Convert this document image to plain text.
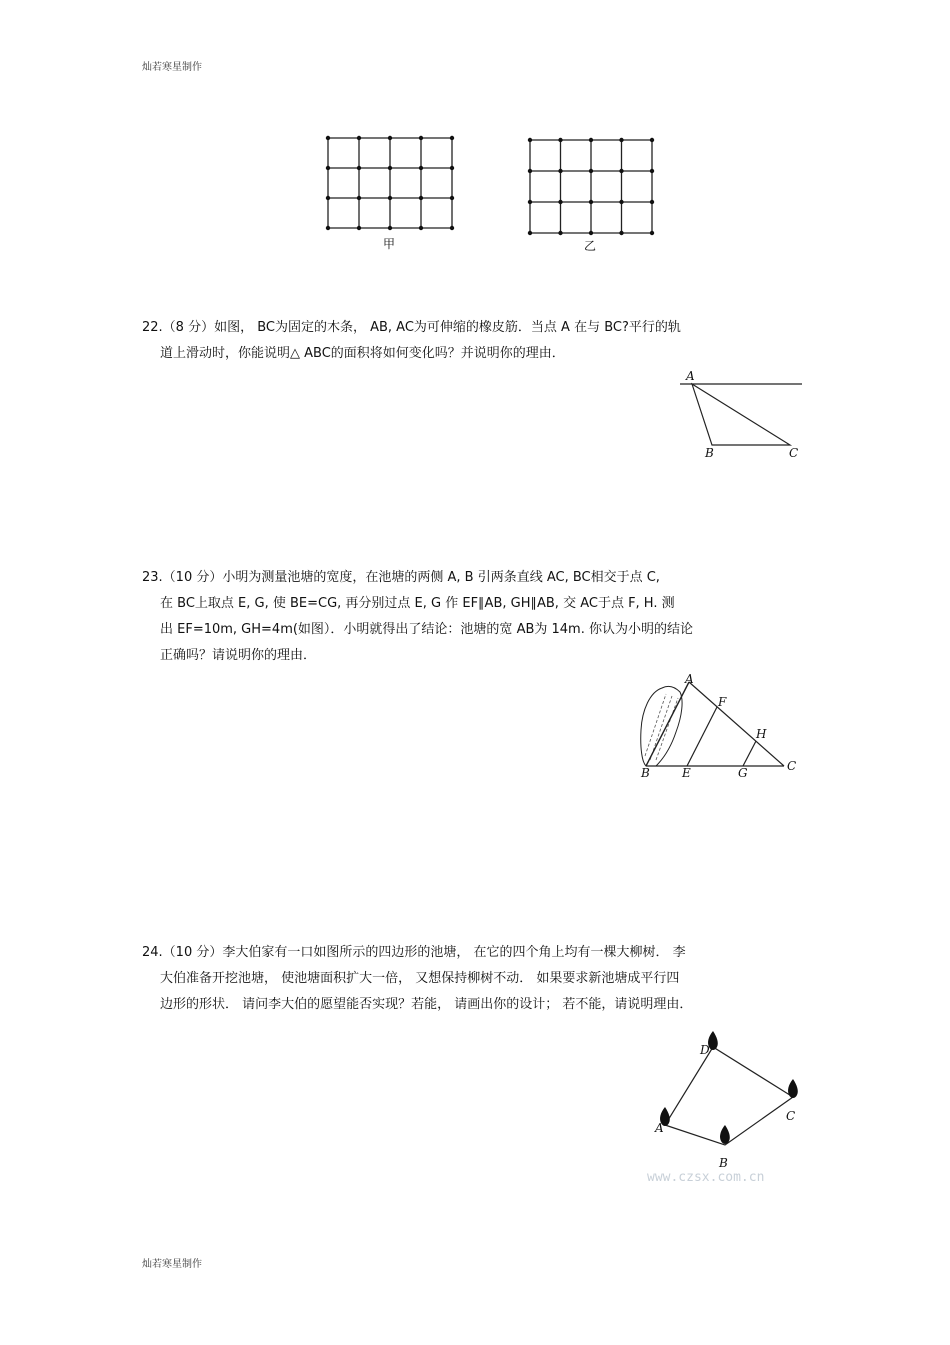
灿若寒星制作
甲	乙

22.（8 分）如图， BC为固定的木条， AB, AC为可伸缩的橡皮筋．当点 A 在与 BC?平行的轨

道上滑动时，你能说明△ ABC的面积将如何变化吗？并说明你的理由．

A
B	C

23.（10 分）小明为测量池塘的宽度，在池塘的两侧 A, B 引两条直线 AC, BC相交于点 C,

在 BC上取点 E, G, 使 BE=CG, 再分别过点 E, G 作 EF∥AB, GH∥AB, 交 AC于点 F, H. 测

出 EF=10m, GH=4m(如图）．小明就得出了结论：池塘的宽 AB为 14m. 你认为小明的结论

正确吗？请说明你的理由．

A
B	C
E
F
G
H

24.（10 分）李大伯家有一口如图所示的四边形的池塘， 在它的四个角上均有一棵大柳树． 李

大伯准备开挖池塘， 使池塘面积扩大一倍， 又想保持柳树不动． 如果要求新池塘成平行四

边形的形状． 请问李大伯的愿望能否实现？若能， 请画出你的设计； 若不能，请说明理由．

D
A
B
C
www.czsx.com.cn
灿若寒星制作
